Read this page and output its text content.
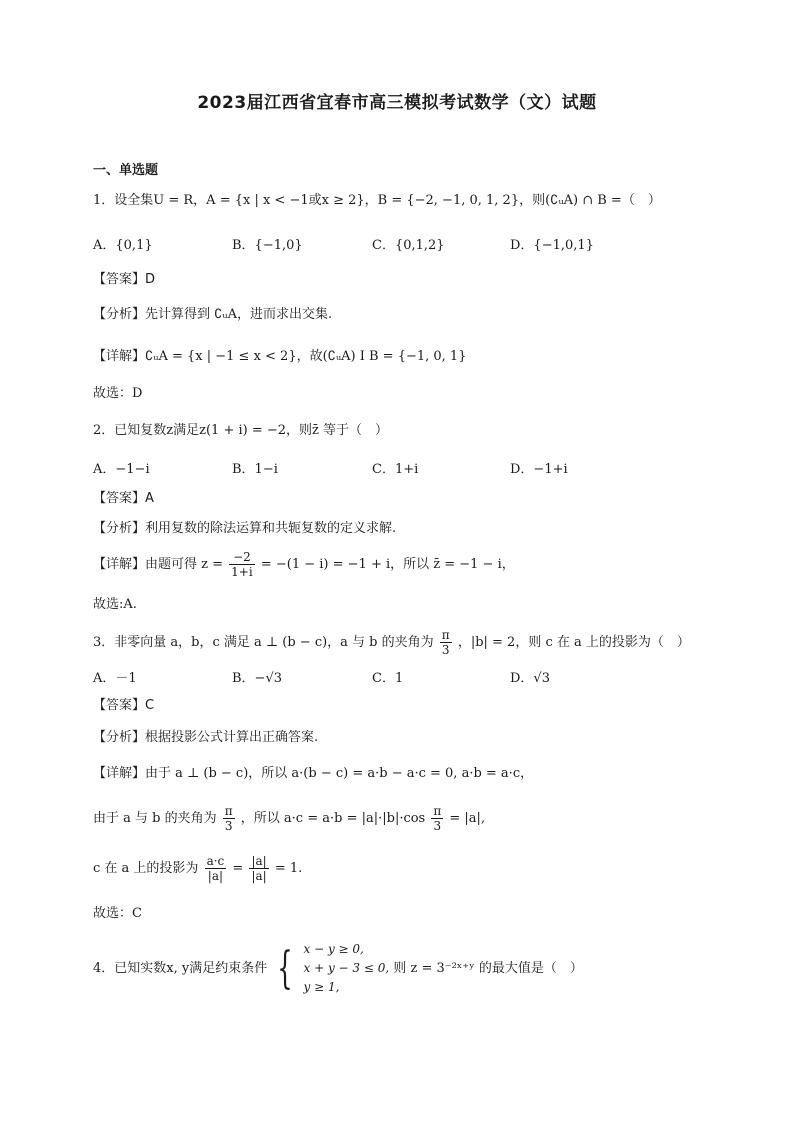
2023届江西省宜春市高三模拟考试数学（文）试题
一、单选题
1．设全集U = R，A = {x | x < −1或x ≥ 2}，B = {−2, −1, 0, 1, 2}，则(∁ᵤA) ∩ B =（　）
A．{0,1}	B．{−1,0}	C．{0,1,2}	D．{−1,0,1}
【答案】D
【分析】先计算得到 ∁ᵤA，进而求出交集.
【详解】∁ᵤA = {x | −1 ≤ x < 2}，故(∁ᵤA) I B = {−1, 0, 1}
故选：D
2．已知复数z满足z(1 + i) = −2，则z̄ 等于（　）
A．−1−i	B．1−i	C．1+i	D．−1+i
【答案】A
【分析】利用复数的除法运算和共轭复数的定义求解.
【详解】由题可得 $z = \frac{-2}{1+i} = -(1 - i) = -1 + i$，所以 z̄ = −1 − i，
故选:A.
3．非零向量 a，b，c 满足 a ⊥ (b − c)，a 与 b 的夹角为 $\frac{\pi}{3}$ ，|b| = 2，则 c 在 a 上的投影为（　）
A．－1	B．−√3	C．1	D．√3
【答案】C
【分析】根据投影公式计算出正确答案.
【详解】由于 a ⊥ (b − c)，所以 a·(b − c) = a·b − a·c = 0, a·b = a·c，
由于 a 与 b 的夹角为 $\frac{\pi}{3}$ ，所以 $a\cdot c = a\cdot b = |a|\cdot|b|\cdot\cos \frac{\pi}{3} = |a|$,
c 在 a 上的投影为 $\frac{a\cdot c}{|a|} = \frac{|a|}{|a|} = 1$.
故选：C
4．已知实数x, y满足约束条件 { x − y ≥ 0,
x + y − 3 ≤ 0,
y ≥ 1,
则 z = 3⁻²ˣ⁺ʸ 的最大值是（　）
